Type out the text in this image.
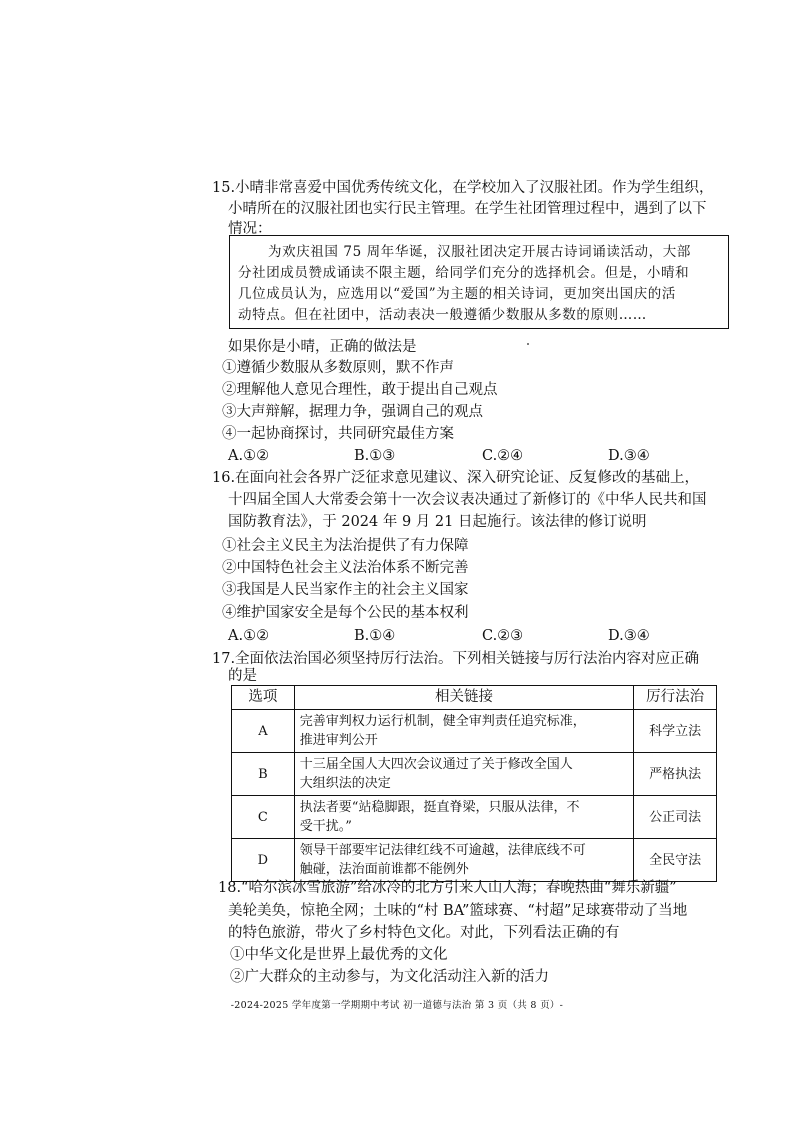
15.小晴非常喜爱中国优秀传统文化，在学校加入了汉服社团。作为学生组织，
小晴所在的汉服社团也实行民主管理。在学生社团管理过程中，遇到了以下
情况：
为欢庆祖国 75 周年华诞，汉服社团决定开展古诗词诵读活动，大部
分社团成员赞成诵读不限主题，给同学们充分的选择机会。但是，小晴和
几位成员认为，应选用以“爱国”为主题的相关诗词，更加突出国庆的活
动特点。但在社团中，活动表决一般遵循少数服从多数的原则……
如果你是小晴，正确的做法是
①遵循少数服从多数原则，默不作声
②理解他人意见合理性，敢于提出自己观点
③大声辩解，据理力争，强调自己的观点
④一起协商探讨，共同研究最佳方案
A.①②	B.①③	C.②④	D.③④
16.在面向社会各界广泛征求意见建议、深入研究论证、反复修改的基础上，
十四届全国人大常委会第十一次会议表决通过了新修订的《中华人民共和国
国防教育法》，于 2024 年 9 月 21 日起施行。该法律的修订说明
①社会主义民主为法治提供了有力保障
②中国特色社会主义法治体系不断完善
③我国是人民当家作主的社会主义国家
④维护国家安全是每个公民的基本权利
A.①②	B.①④	C.②③	D.③④
17.全面依法治国必须坚持厉行法治。下列相关链接与厉行法治内容对应正确
的是
选项	相关链接	厉行法治
A	完善审判权力运行机制，健全审判责任追究标准，
推进审判公开	科学立法
B	十三届全国人大四次会议通过了关于修改全国人
大组织法的决定	严格执法
C	执法者要“站稳脚跟，挺直脊梁，只服从法律，不
受干扰。”	公正司法
D	领导干部要牢记法律红线不可逾越，法律底线不可
触碰，法治面前谁都不能例外	全民守法
18.“哈尔滨冰雪旅游”给冰冷的北方引来人山人海；春晚热曲“舞乐新疆”
美轮美奂，惊艳全网；土味的“村 BA”篮球赛、“村超”足球赛带动了当地
的特色旅游，带火了乡村特色文化。对此，下列看法正确的有
①中华文化是世界上最优秀的文化
②广大群众的主动参与，为文化活动注入新的活力
-2024-2025 学年度第一学期期中考试 初一道德与法治 第 3 页（共 8 页）-
